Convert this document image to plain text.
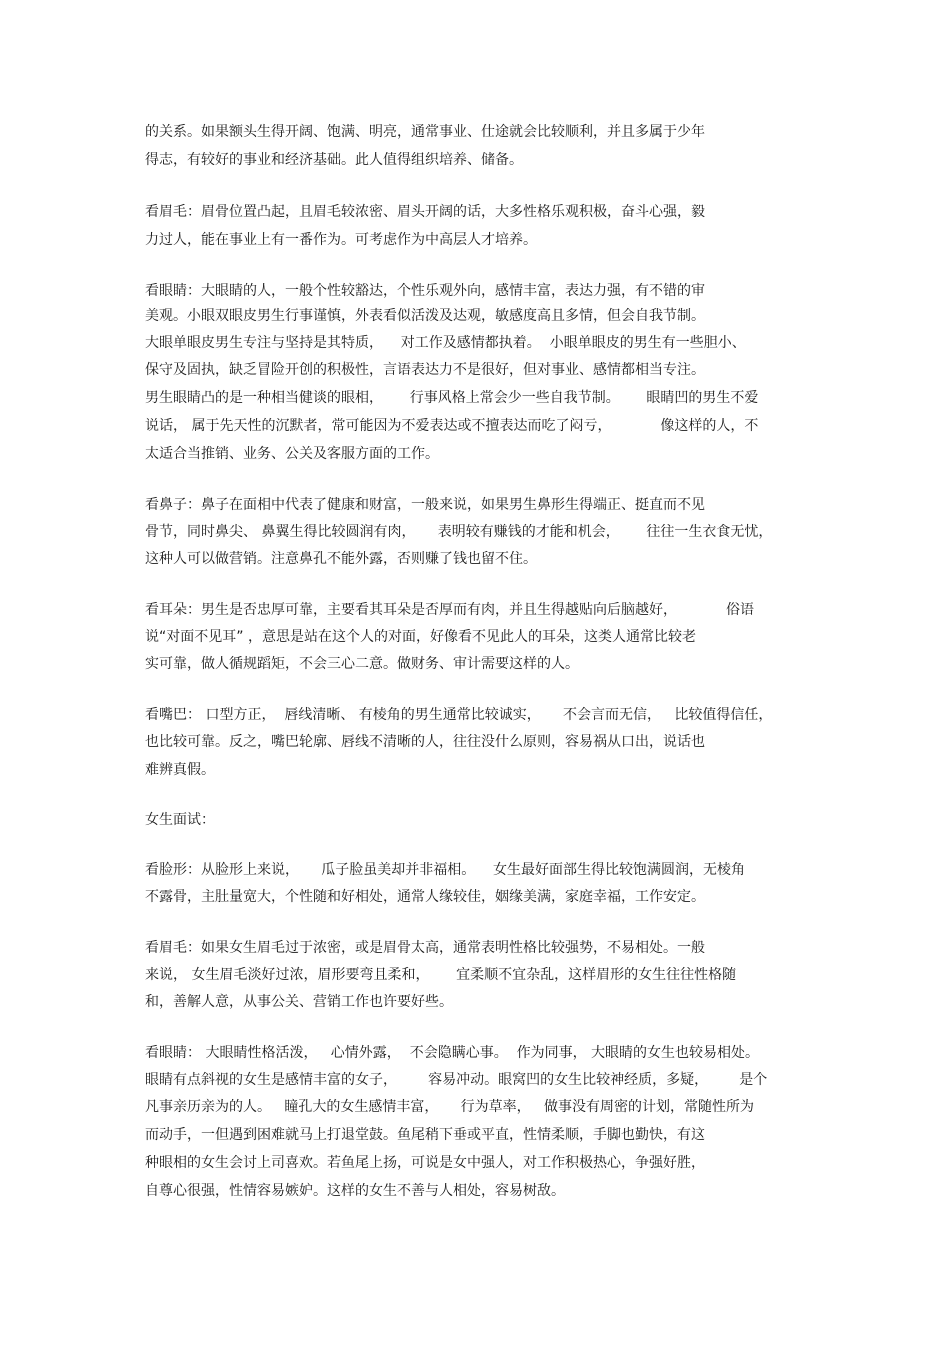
的关系。如果额头生得开阔、饱满、明亮，通常事业、仕途就会比较顺利，并且多属于少年

得志，有较好的事业和经济基础。此人值得组织培养、储备。

看眉毛：眉骨位置凸起，且眉毛较浓密、眉头开阔的话，大多性格乐观积极，奋斗心强，毅

力过人，能在事业上有一番作为。可考虑作为中高层人才培养。

看眼睛：大眼睛的人，一般个性较豁达，个性乐观外向，感情丰富，表达力强，有不错的审

美观。小眼双眼皮男生行事谨慎，外表看似活泼及达观，敏感度高且多情，但会自我节制。

大眼单眼皮男生专注与坚持是其特质，    对工作及感情都执着。  小眼单眼皮的男生有一些胆小、

保守及固执，缺乏冒险开创的积极性，言语表达力不是很好，但对事业、感情都相当专注。

男生眼睛凸的是一种相当健谈的眼相，      行事风格上常会少一些自我节制。      眼睛凹的男生不爱

说话， 属于先天性的沉默者，常可能因为不爱表达或不擅表达而吃了闷亏，           像这样的人，不

太适合当推销、业务、公关及客服方面的工作。

看鼻子：鼻子在面相中代表了健康和财富，一般来说，如果男生鼻形生得端正、挺直而不见

骨节，同时鼻尖、 鼻翼生得比较圆润有肉，     表明较有赚钱的才能和机会，      往往一生衣食无忧，

这种人可以做营销。注意鼻孔不能外露，否则赚了钱也留不住。

看耳朵：男生是否忠厚可靠，主要看其耳朵是否厚而有肉，并且生得越贴向后脑越好，           俗语

说“对面不见耳” ，意思是站在这个人的对面，好像看不见此人的耳朵，这类人通常比较老

实可靠，做人循规蹈矩，不会三心二意。做财务、审计需要这样的人。

看嘴巴： 口型方正，  唇线清晰、 有棱角的男生通常比较诚实，     不会言而无信，   比较值得信任，

也比较可靠。反之，嘴巴轮廓、唇线不清晰的人，往往没什么原则，容易祸从口出，说话也

难辨真假。

女生面试：

看脸形：从脸形上来说，     瓜子脸虽美却并非福相。    女生最好面部生得比较饱满圆润，无棱角

不露骨，主肚量宽大，个性随和好相处，通常人缘较佳，姻缘美满，家庭幸福，工作安定。

看眉毛：如果女生眉毛过于浓密，或是眉骨太高，通常表明性格比较强势，不易相处。一般

来说， 女生眉毛淡好过浓，眉形要弯且柔和，      宜柔顺不宜杂乱，这样眉形的女生往往性格随

和，善解人意，从事公关、营销工作也许要好些。

看眼睛： 大眼睛性格活泼，   心情外露，  不会隐瞒心事。  作为同事， 大眼睛的女生也较易相处。

眼睛有点斜视的女生是感情丰富的女子，       容易冲动。眼窝凹的女生比较神经质，多疑，       是个

凡事亲历亲为的人。   瞳孔大的女生感情丰富，     行为草率，   做事没有周密的计划，常随性所为

而动手，一但遇到困难就马上打退堂鼓。鱼尾稍下垂或平直，性情柔顺，手脚也勤快，有这

种眼相的女生会讨上司喜欢。若鱼尾上扬，可说是女中强人，对工作积极热心，争强好胜，

自尊心很强，性情容易嫉妒。这样的女生不善与人相处，容易树敌。
